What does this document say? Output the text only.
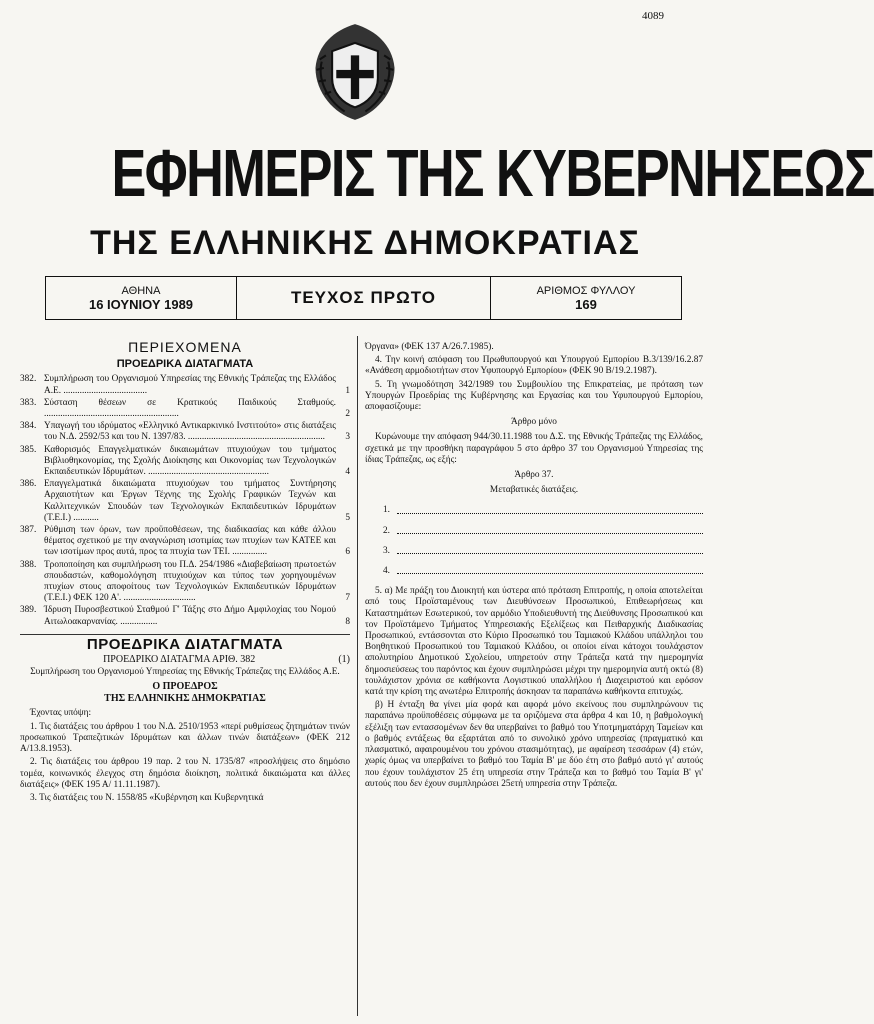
4089
ΕΦΗΜΕΡΙΣ ΤΗΣ ΚΥΒΕΡΝΗΣΕΩΣ
ΤΗΣ ΕΛΛΗΝΙΚΗΣ ΔΗΜΟΚΡΑΤΙΑΣ
ΑΘΗΝΑ
16 ΙΟΥΝΙΟΥ 1989	ΤΕΥΧΟΣ ΠΡΩΤΟ	ΑΡΙΘΜΟΣ ΦΥΛΛΟΥ
169
ΠΕΡΙΕΧΟΜΕΝΑ
ΠΡΟΕΔΡΙΚΑ ΔΙΑΤΑΓΜΑΤΑ
382. Συμπλήρωση του Οργανισμού Υπηρεσίας της Εθνικής Τράπεζας της Ελλάδος Α.Ε. ....................................	1
383. Σύσταση θέσεων σε Κρατικούς Παιδικούς Σταθμούς. ..........................................................	2
384. Υπαγωγή του ιδρύματος «Ελληνικό Αντικαρκινικό Ινστιτούτο» στις διατάξεις του Ν.Δ. 2592/53 και του Ν. 1397/83. ...........................................................	3
385. Καθορισμός Επαγγελματικών δικαιωμάτων πτυχιούχων του τμήματος Βιβλιοθηκονομίας, της Σχολής Διοίκησης και Οικονομίας των Τεχνολογικών Εκπαιδευτικών Ιδρυμάτων. ....................................................	4
386. Επαγγελματικά δικαιώματα πτυχιούχων του τμήματος Συντήρησης Αρχαιοτήτων και Έργων Τέχνης της Σχολής Γραφικών Τεχνών και Καλλιτεχνικών Σπουδών των Τεχνολογικών Εκπαιδευτικών Ιδρυμάτων (Τ.Ε.Ι.) ...........	5
387. Ρύθμιση των όρων, των προϋποθέσεων, της διαδικασίας και κάθε άλλου θέματος σχετικού με την αναγνώριση ισοτιμίας των πτυχίων των ΚΑΤΕΕ και των ισοτίμων προς αυτά, προς τα πτυχία των ΤΕΙ. ...............	6
388. Τροποποίηση και συμπλήρωση του Π.Δ. 254/1986 «Διαβεβαίωση πρωτοετών σπουδαστών, καθομολόγηση πτυχιούχων και τύπος των χορηγουμένων πτυχίων στους αποφοίτους των Τεχνολογικών Εκπαιδευτικών Ιδρυμάτων (Τ.Ε.Ι.) ΦΕΚ 120 Α'. ...............................	7
389. Ίδρυση Πυροσβεστικού Σταθμού Γ' Τάξης στο Δήμο Αμφιλοχίας του Νομού Αιτωλοακαρνανίας. ................	8
ΠΡΟΕΔΡΙΚΑ ΔΙΑΤΑΓΜΑΤΑ
ΠΡΟΕΔΡΙΚΟ ΔΙΑΤΑΓΜΑ ΑΡΙΘ. 382	(1)
Συμπλήρωση του Οργανισμού Υπηρεσίας της Εθνικής Τράπεζας της Ελλάδος Α.Ε.
Ο ΠΡΟΕΔΡΟΣ
ΤΗΣ ΕΛΛΗΝΙΚΗΣ ΔΗΜΟΚΡΑΤΙΑΣ
Έχοντας υπόψη:
1. Τις διατάξεις του άρθρου 1 του Ν.Δ. 2510/1953 «περί ρυθμίσεως ζητημάτων τινών προσωπικού Τραπεζιτικών Ιδρυμάτων και άλλων τινών διατάξεων» (ΦΕΚ 212 Α/13.8.1953).
2. Τις διατάξεις του άρθρου 19 παρ. 2 του Ν. 1735/87 «προσλήψεις στο δημόσιο τομέα, κοινωνικός έλεγχος στη δημόσια διοίκηση, πολιτικά δικαιώματα και άλλες διατάξεις» (ΦΕΚ 195 Α/ 11.11.1987).
3. Τις διατάξεις του Ν. 1558/85 «Κυβέρνηση και Κυβερνητικά
Όργανα» (ΦΕΚ 137 Α/26.7.1985).
4. Την κοινή απόφαση του Πρωθυπουργού και Υπουργού Εμπορίου Β.3/139/16.2.87 «Ανάθεση αρμοδιοτήτων στον Υφυπουργό Εμπορίου» (ΦΕΚ 90 Β/19.2.1987).
5. Τη γνωμοδότηση 342/1989 του Συμβουλίου της Επικρατείας, με πρόταση των Υπουργών Προεδρίας της Κυβέρνησης και Εργασίας και του Υφυπουργού Εμπορίου, αποφασίζουμε:
Άρθρο μόνο
Κυρώνουμε την απόφαση 944/30.11.1988 του Δ.Σ. της Εθνικής Τράπεζας της Ελλάδος, σχετικά με την προσθήκη παραγράφου 5 στο άρθρο 37 του Οργανισμού Υπηρεσίας της ίδιας Τράπεζας, ως εξής:
Άρθρο 37.
Μεταβατικές διατάξεις.
1.
2.
3.
4.
5. α) Με πράξη του Διοικητή και ύστερα από πρόταση Επιτροπής, η οποία αποτελείται από τους Προϊσταμένους των Διευθύνσεων Προσωπικού, Επιθεωρήσεως και Καταστημάτων Εσωτερικού, τον αρμόδιο Υποδιευθυντή της Διεύθυνσης Προσωπικού και τον Προϊστάμενο Τμήματος Υπηρεσιακής Εξελίξεως και Πειθαρχικής Διαδικασίας Προσωπικού, εντάσσονται στο Κύριο Προσωπικό του Ταμιακού Κλάδου υπάλληλοι του Βοηθητικού Προσωπικού του Ταμιακού Κλάδου, οι οποίοι είναι κάτοχοι τουλάχιστον απολυτηρίου Δημοτικού Σχολείου, υπηρετούν στην Τράπεζα κατά την ημερομηνία δημοσιεύσεως του παρόντος και έχουν συμπληρώσει μέχρι την ημερομηνία αυτή οκτώ (8) τουλάχιστον χρόνια σε καθήκοντα Λογιστικού υπαλλήλου ή Διαχειριστού και εφόσον κατά την κρίση της ανωτέρω Επιτροπής άσκησαν τα παραπάνω καθήκοντα επιτυχώς.
β) Η ένταξη θα γίνει μία φορά και αφορά μόνο εκείνους που συμπληρώνουν τις παραπάνω προϋποθέσεις σύμφωνα με τα οριζόμενα στα άρθρα 4 και 10, η βαθμολογική εξέλιξη των εντασσομένων δεν θα υπερβαίνει το βαθμό του Υποτμηματάρχη Ταμείων και ο βαθμός εντάξεως θα εξαρτάται από το συνολικό χρόνο υπηρεσίας (πραγματικό και πλασματικό, αφαιρουμένου του χρόνου στασιμότητας), με αφαίρεση τεσσάρων (4) ετών, χωρίς όμως να υπερβαίνει το βαθμό του Ταμία Β' με δύο έτη στο βαθμό αυτό γι' αυτούς που έχουν τουλάχιστον 25 έτη υπηρεσία στην Τράπεζα και το βαθμό του Ταμία Β' γι' αυτούς που δεν έχουν συμπληρώσει 25ετή υπηρεσία στην Τράπεζα.
